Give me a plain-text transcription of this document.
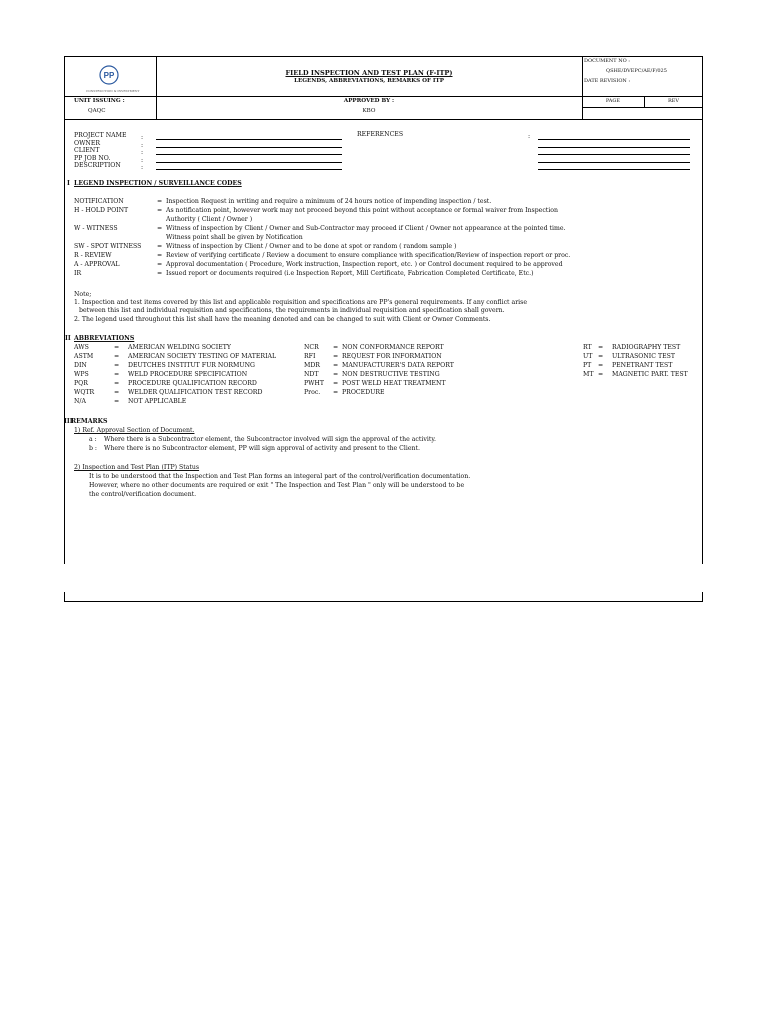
PP
CONSTRUCTION & INVESTMENT
FIELD INSPECTION AND TEST PLAN (F-ITP)
LEGENDS, ABBREVIATIONS, REMARKS OF ITP
DOCUMENT NO :
QSHE/DVEPC/AE/F/025
DATE REVISION :
UNIT ISSUING :
QAQC
APPROVED BY :
KBO
PAGE	REV
PROJECT NAME
OWNER
CLIENT
PP JOB NO.
DESCRIPTION
:
:
:
:
:
REFERENCES	:
I LEGEND INSPECTION / SURVEILLANCE CODES
NOTIFICATION
H - HOLD POINT
W - WITNESS
SW - SPOT WITNESS
R - REVIEW
A - APPROVAL
IR
=
=
=
=
=
=
=
Inspection Request in writing and require a minimum of 24 hours notice of impending inspection / test.
As notification point, however work may not proceed beyond this point without acceptance or formal waiver from Inspection
Authority ( Client / Owner )
Witness of inspection by Client / Owner and Sub-Contractor may proceed if Client / Owner not appearance at the pointed time.
Witness point shall be given by Notification
Witness of inspection by Client / Owner and to be done at spot or random ( random sample )
Review of verifying certificate / Review a document to ensure compliance with specification/Review of inspection report or proc.
Approval documentation ( Procedure, Work instruction, Inspection report, etc. ) or Control document required to be approved
Issued report or documents required (i.e Inspection Report, Mill Certificate, Fabrication Completed Certificate, Etc.)
Note;
1. Inspection and test items covered by this list and applicable requisition and specifications are PP's general requirements. If any conflict arise
between this list and individual requisition and specifications, the requirements in individual requisition and specification shall govern.
2. The legend used throughout this list shall have the meaning denoted and can be changed to suit with Client or Owner Comments.
II ABBREVIATIONS
AWS
ASTM
DIN
WPS
PQR
WQTR
N/A
=
=
=
=
=
=
=
AMERICAN WELDING SOCIETY
AMERICAN SOCIETY TESTING OF MATERIAL
DEUTCHES INSTITUT FUR NORMUNG
WELD PROCEDURE SPECIFICATION
PROCEDURE QUALIFICATION RECORD
WELDER QUALIFICATION TEST RECORD
NOT APPLICABLE
NCR
RFI
MDR
NDT
PWHT
Proc.
=
=
=
=
=
=
NON CONFORMANCE REPORT
REQUEST FOR INFORMATION
MANUFACTURER'S DATA REPORT
NON DESTRUCTIVE TESTING
POST WELD HEAT TREATMENT
PROCEDURE
RT
UT
PT
MT
=
=
=
=
RADIOGRAPHY TEST
ULTRASONIC TEST
PENETRANT TEST
MAGNETIC PART. TEST
III
REMARKS
1) Ref. Approval Section of Document.
a : Where there is a Subcontractor element, the Subcontractor involved will sign the approval of the activity.
b : Where there is no Subcontractor element, PP will sign approval of activity and present to the Client.
2) Inspection and Test Plan (ITP) Status
It is to be understood that the Inspection and Test Plan forms an integeral part of the control/verification documentation.
However, where no other documents are required or exit " The Inspection and Test Plan " only will be understood to be
the control/verification document.
